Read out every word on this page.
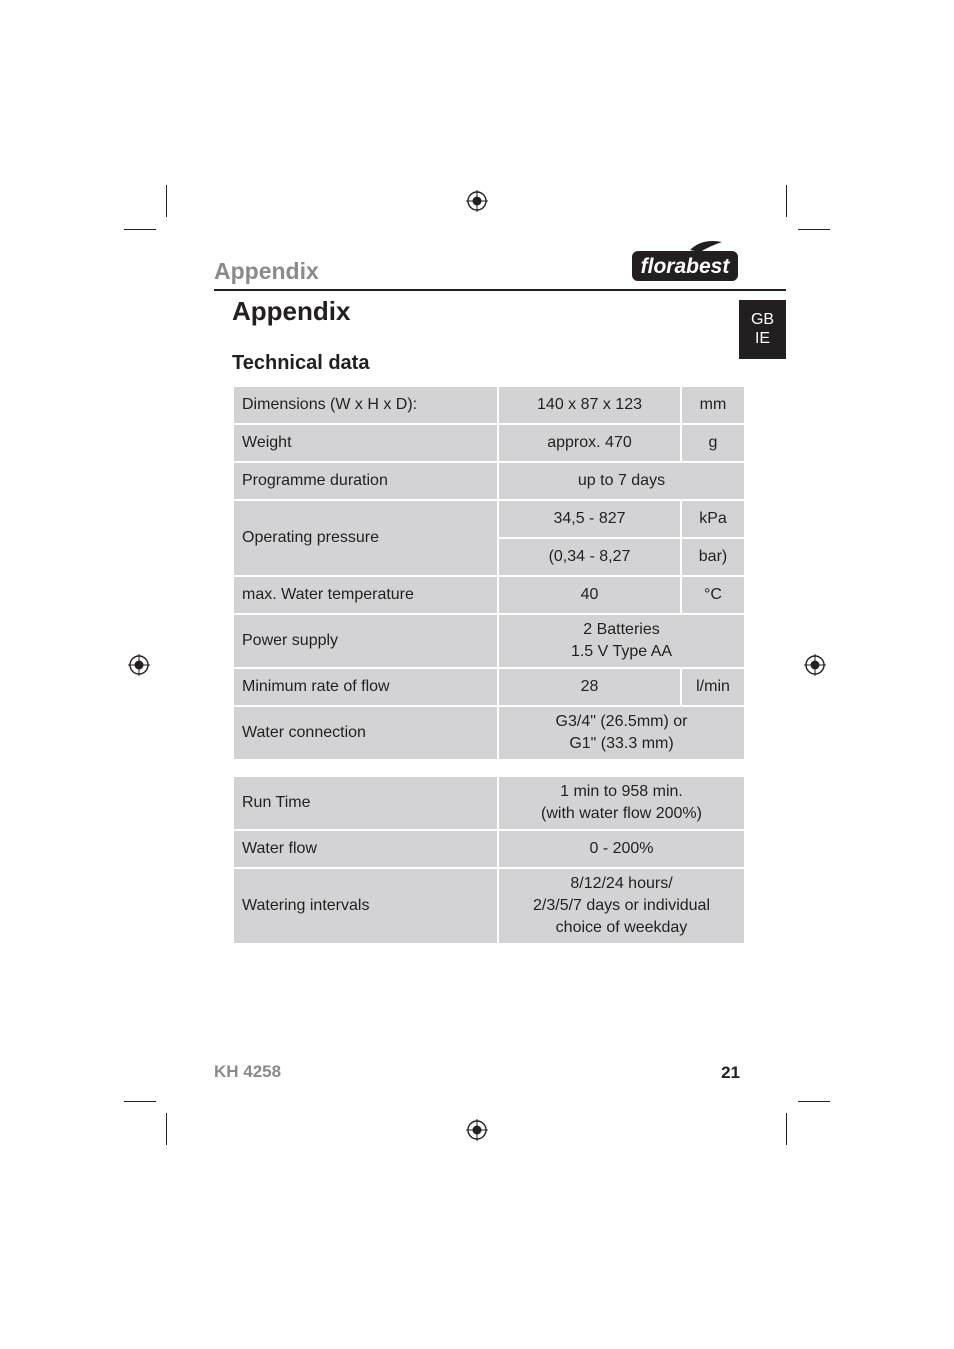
Appendix	florabest
Appendix	GB
IE
Technical data
Dimensions (W x H x D):	140 x 87 x 123	mm
Weight	approx. 470	g
Programme duration	up to 7 days	
Operating pressure	34,5 - 827	kPa
	(0,34 - 8,27	bar)
max. Water temperature	40	°C
Power supply	2 Batteries
1.5 V Type AA	

Minimum rate of flow	28	l/min
Water connection	G3/4" (26.5mm) or
G1" (33.3 mm)	
Run Time	1 min to 958 min.
(with water flow 200%)

Water flow	0 - 200%
Watering intervals	8/12/24 hours/
2/3/5/7 days or individual
choice of weekday
KH 4258	21
